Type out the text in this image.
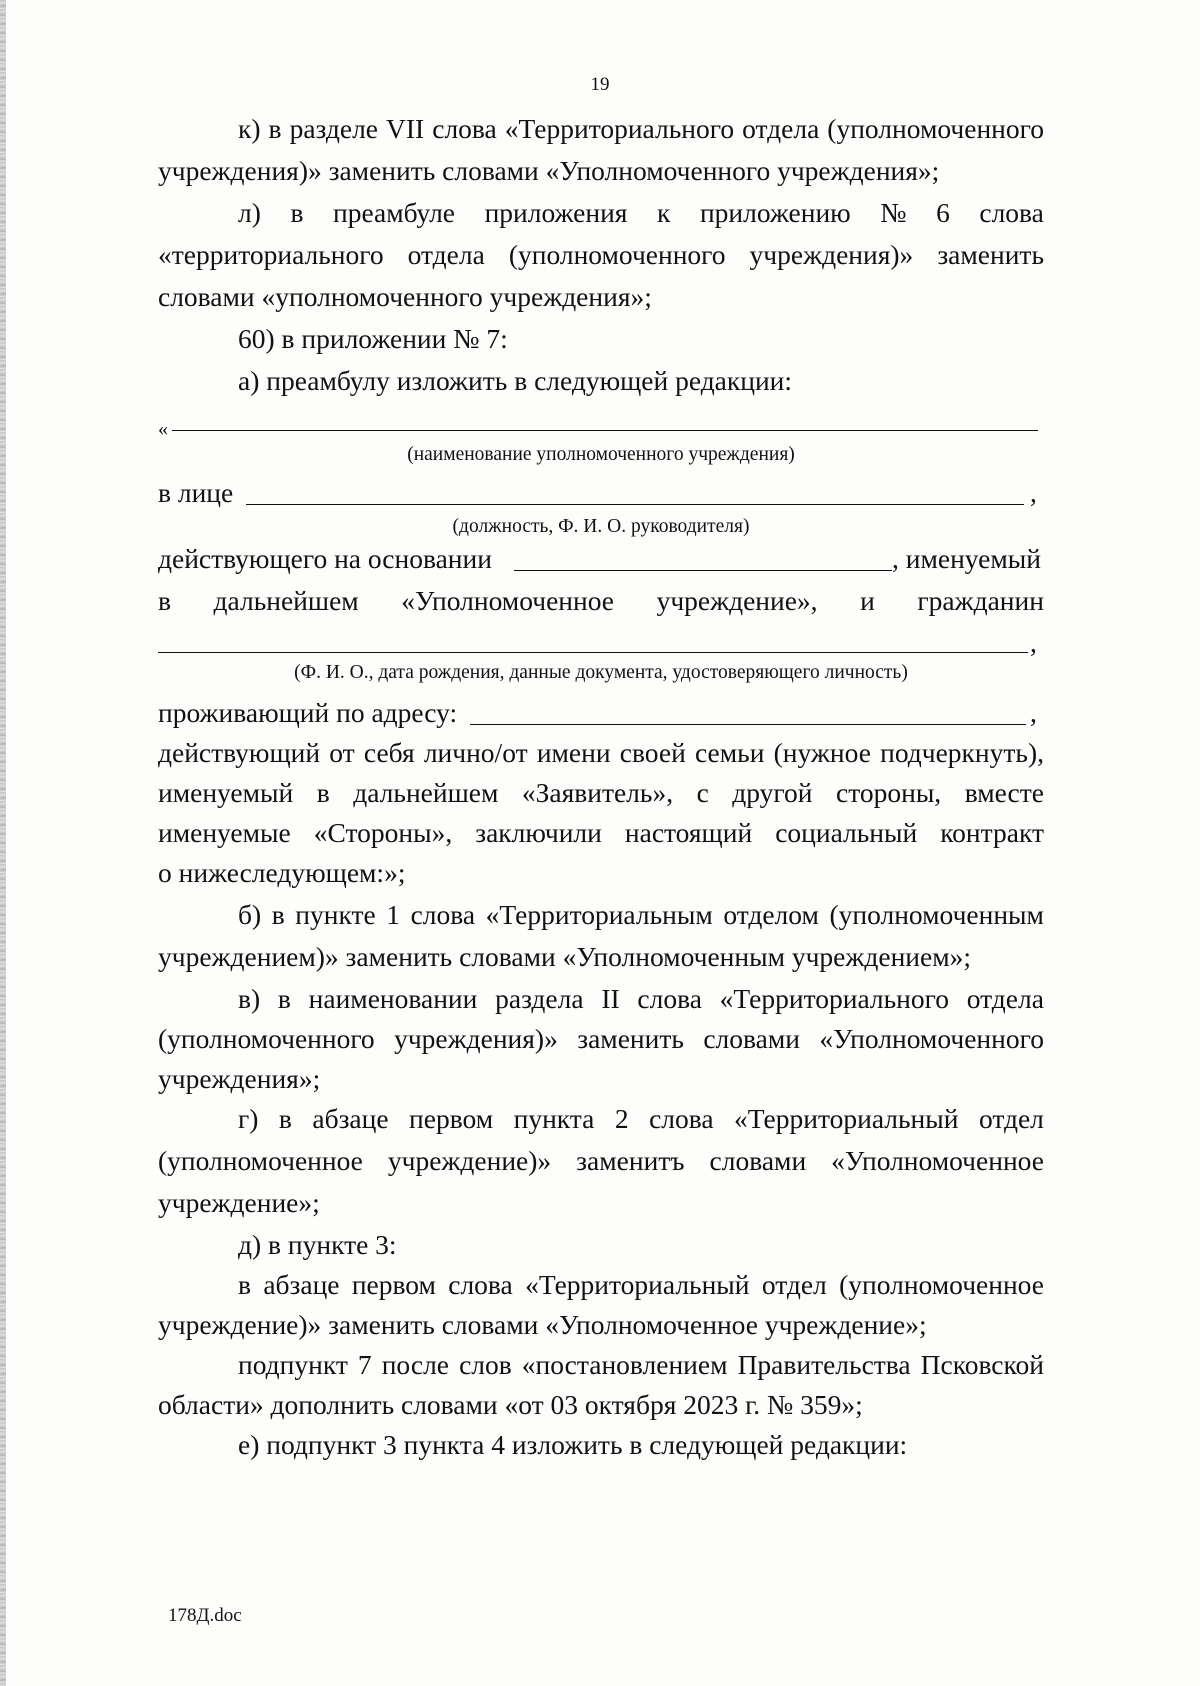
19
к) в разделе VII слова «Территориального отдела (уполномоченного
учреждения)» заменить словами «Уполномоченного учреждения»;
л) в преамбуле приложения к приложению № 6 слова
«территориального отдела (уполномоченного учреждения)» заменить
словами «уполномоченного учреждения»;
60) в приложении № 7:
а) преамбулу изложить в следующей редакции:
«
(наименование уполномоченного учреждения)
в лице	,
(должность, Ф. И. О. руководителя)
действующего на основании	, именуемый
в дальнейшем «Уполномоченное учреждение», и гражданин
,
(Ф. И. О., дата рождения, данные документа, удостоверяющего личность)
проживающий по адресу:	,
действующий от себя лично/от имени своей семьи (нужное подчеркнуть),
именуемый в дальнейшем «Заявитель», с другой стороны, вместе
именуемые «Стороны», заключили настоящий социальный контракт
о нижеследующем:»;
б) в пункте 1 слова «Территориальным отделом (уполномоченным
учреждением)» заменить словами «Уполномоченным учреждением»;
в) в наименовании раздела II слова «Территориального отдела
(уполномоченного учреждения)» заменить словами «Уполномоченного
учреждения»;
г) в абзаце первом пункта 2 слова «Территориальный отдел
(уполномоченное учреждение)» заменитъ словами «Уполномоченное
учреждение»;
д) в пункте 3:
в абзаце первом слова «Территориальный отдел (уполномоченное
учреждение)» заменить словами «Уполномоченное учреждение»;
подпункт 7 после слов «постановлением Правительства Псковской
области» дополнить словами «от 03 октября 2023 г. № 359»;
е) подпункт 3 пункта 4 изложить в следующей редакции:
178Д.doc
